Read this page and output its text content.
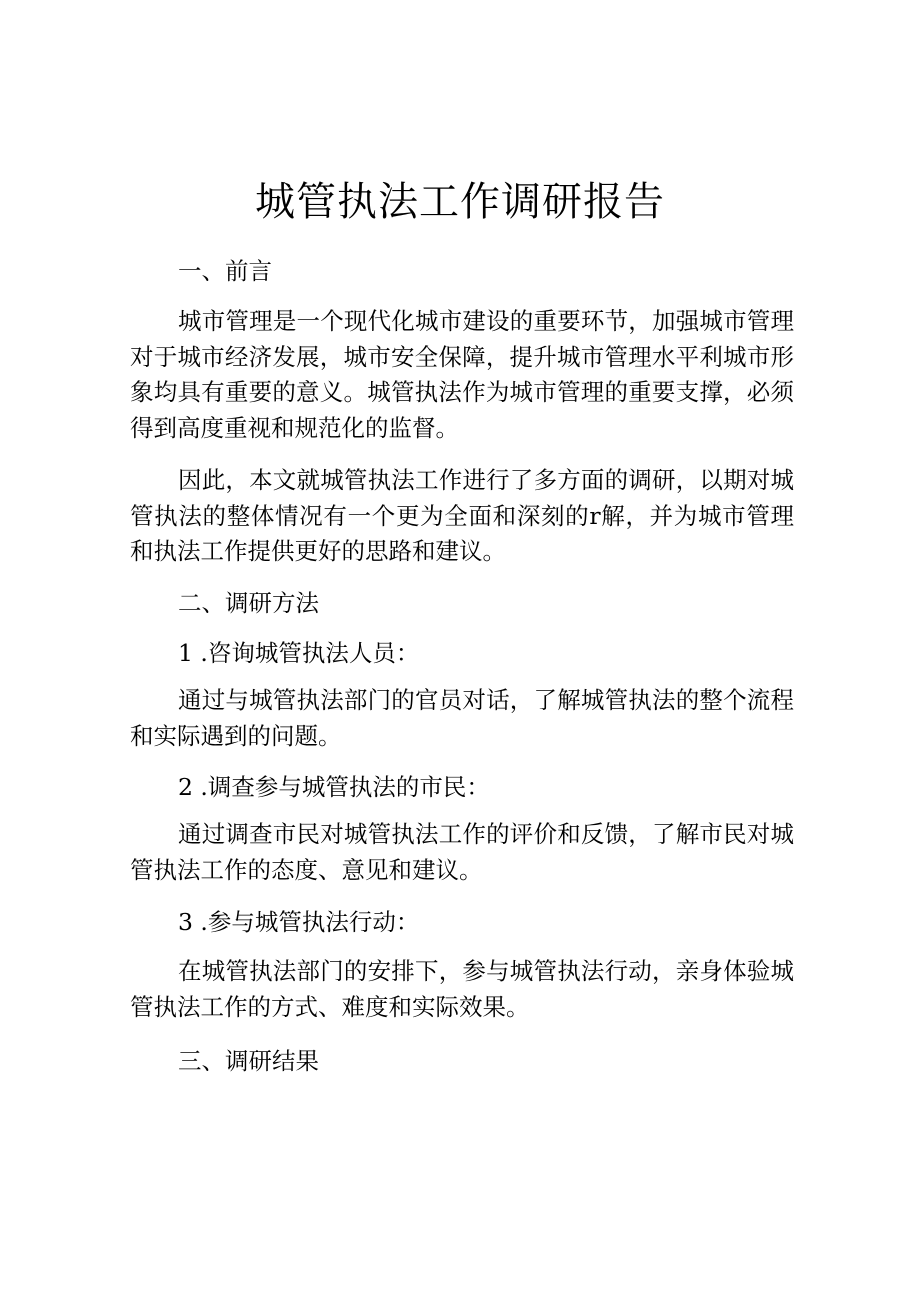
城管执法工作调研报告

一、前言

城市管理是一个现代化城市建设的重要环节，加强城市管理对于城市经济发展，城市安全保障，提升城市管理水平利城市形象均具有重要的意义。城管执法作为城市管理的重要支撑，必须得到高度重视和规范化的监督。

因此，本文就城管执法工作进行了多方面的调研，以期对城管执法的整体情况有一个更为全面和深刻的r解，并为城市管理和执法工作提供更好的思路和建议。

二、调研方法

1 .咨询城管执法人员：

通过与城管执法部门的官员对话，了解城管执法的整个流程和实际遇到的问题。

2 .调查参与城管执法的市民：

通过调查市民对城管执法工作的评价和反馈，了解市民对城管执法工作的态度、意见和建议。

3 .参与城管执法行动：

在城管执法部门的安排下，参与城管执法行动，亲身体验城管执法工作的方式、难度和实际效果。

三、调研结果
